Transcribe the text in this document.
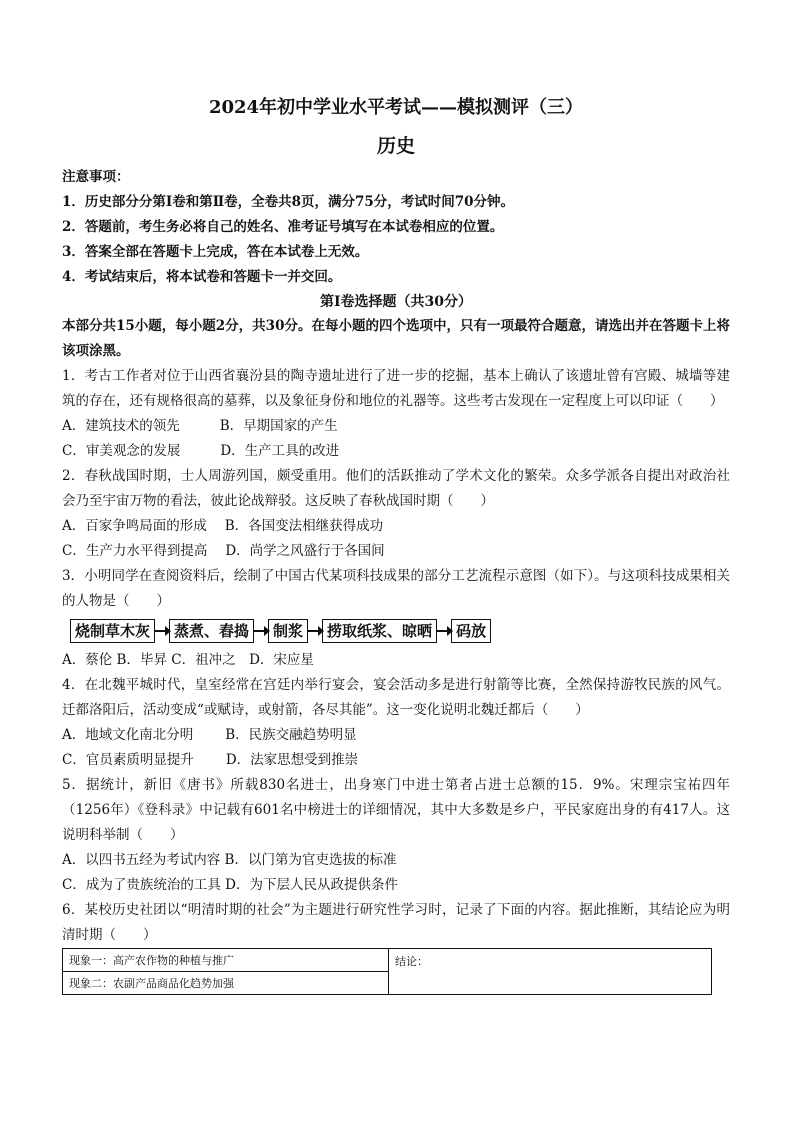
2024年初中学业水平考试——模拟测评（三）

历史

注意事项：

1．历史部分分第Ⅰ卷和第Ⅱ卷，全卷共8页，满分75分，考试时间70分钟。

2．答题前，考生务必将自己的姓名、准考证号填写在本试卷相应的位置。

3．答案全部在答题卡上完成，答在本试卷上无效。

4．考试结束后，将本试卷和答题卡一并交回。

第Ⅰ卷选择题（共30分）

本部分共15小题，每小题2分，共30分。在每小题的四个选项中，只有一项最符合题意，请选出并在答题卡上将该项涂黑。

1．考古工作者对位于山西省襄汾县的陶寺遗址进行了进一步的挖掘，基本上确认了该遗址曾有宫殿、城墙等建筑的存在，还有规格很高的墓葬，以及象征身份和地位的礼器等。这些考古发现在一定程度上可以印证（　　）

A．建筑技术的领先	B．早期国家的产生

C．审美观念的发展	D．生产工具的改进

2．春秋战国时期，士人周游列国，颇受重用。他们的活跃推动了学术文化的繁荣。众多学派各自提出对政治社会乃至宇宙万物的看法，彼此论战辩驳。这反映了春秋战国时期（　　）

A．百家争鸣局面的形成 B．各国变法相继获得成功

C．生产力水平得到提高 D．尚学之风盛行于各国间

3．小明同学在查阅资料后，绘制了中国古代某项科技成果的部分工艺流程示意图（如下）。与这项科技成果相关的人物是（　　）

烧制草木灰	蒸煮、舂捣	制浆	捞取纸浆、晾晒	码放

A．蔡伦 B．毕昇 C．祖冲之　D．宋应星

4．在北魏平城时代，皇室经常在宫廷内举行宴会，宴会活动多是进行射箭等比赛，全然保持游牧民族的风气。迁都洛阳后，活动变成“或赋诗，或射箭，各尽其能”。这一变化说明北魏迁都后（　　）

A．地域文化南北分明 B．民族交融趋势明显

C．官员素质明显提升 D．法家思想受到推崇

5．据统计，新旧《唐书》所载830名进士，出身寒门中进士第者占进士总额的15．9%。宋理宗宝祐四年（1256年）《登科录》中记载有601名中榜进士的详细情况，其中大多数是乡户，平民家庭出身的有417人。这说明科举制（　　）

A．以四书五经为考试内容 B．以门第为官吏选拔的标准

C．成为了贵族统治的工具 D．为下层人民从政提供条件

6．某校历史社团以“明清时期的社会”为主题进行研究性学习时，记录了下面的内容。据此推断，其结论应为明清时期（　　）

现象一：高产农作物的种植与推广	结论：
现象二：农副产品商品化趋势加强
